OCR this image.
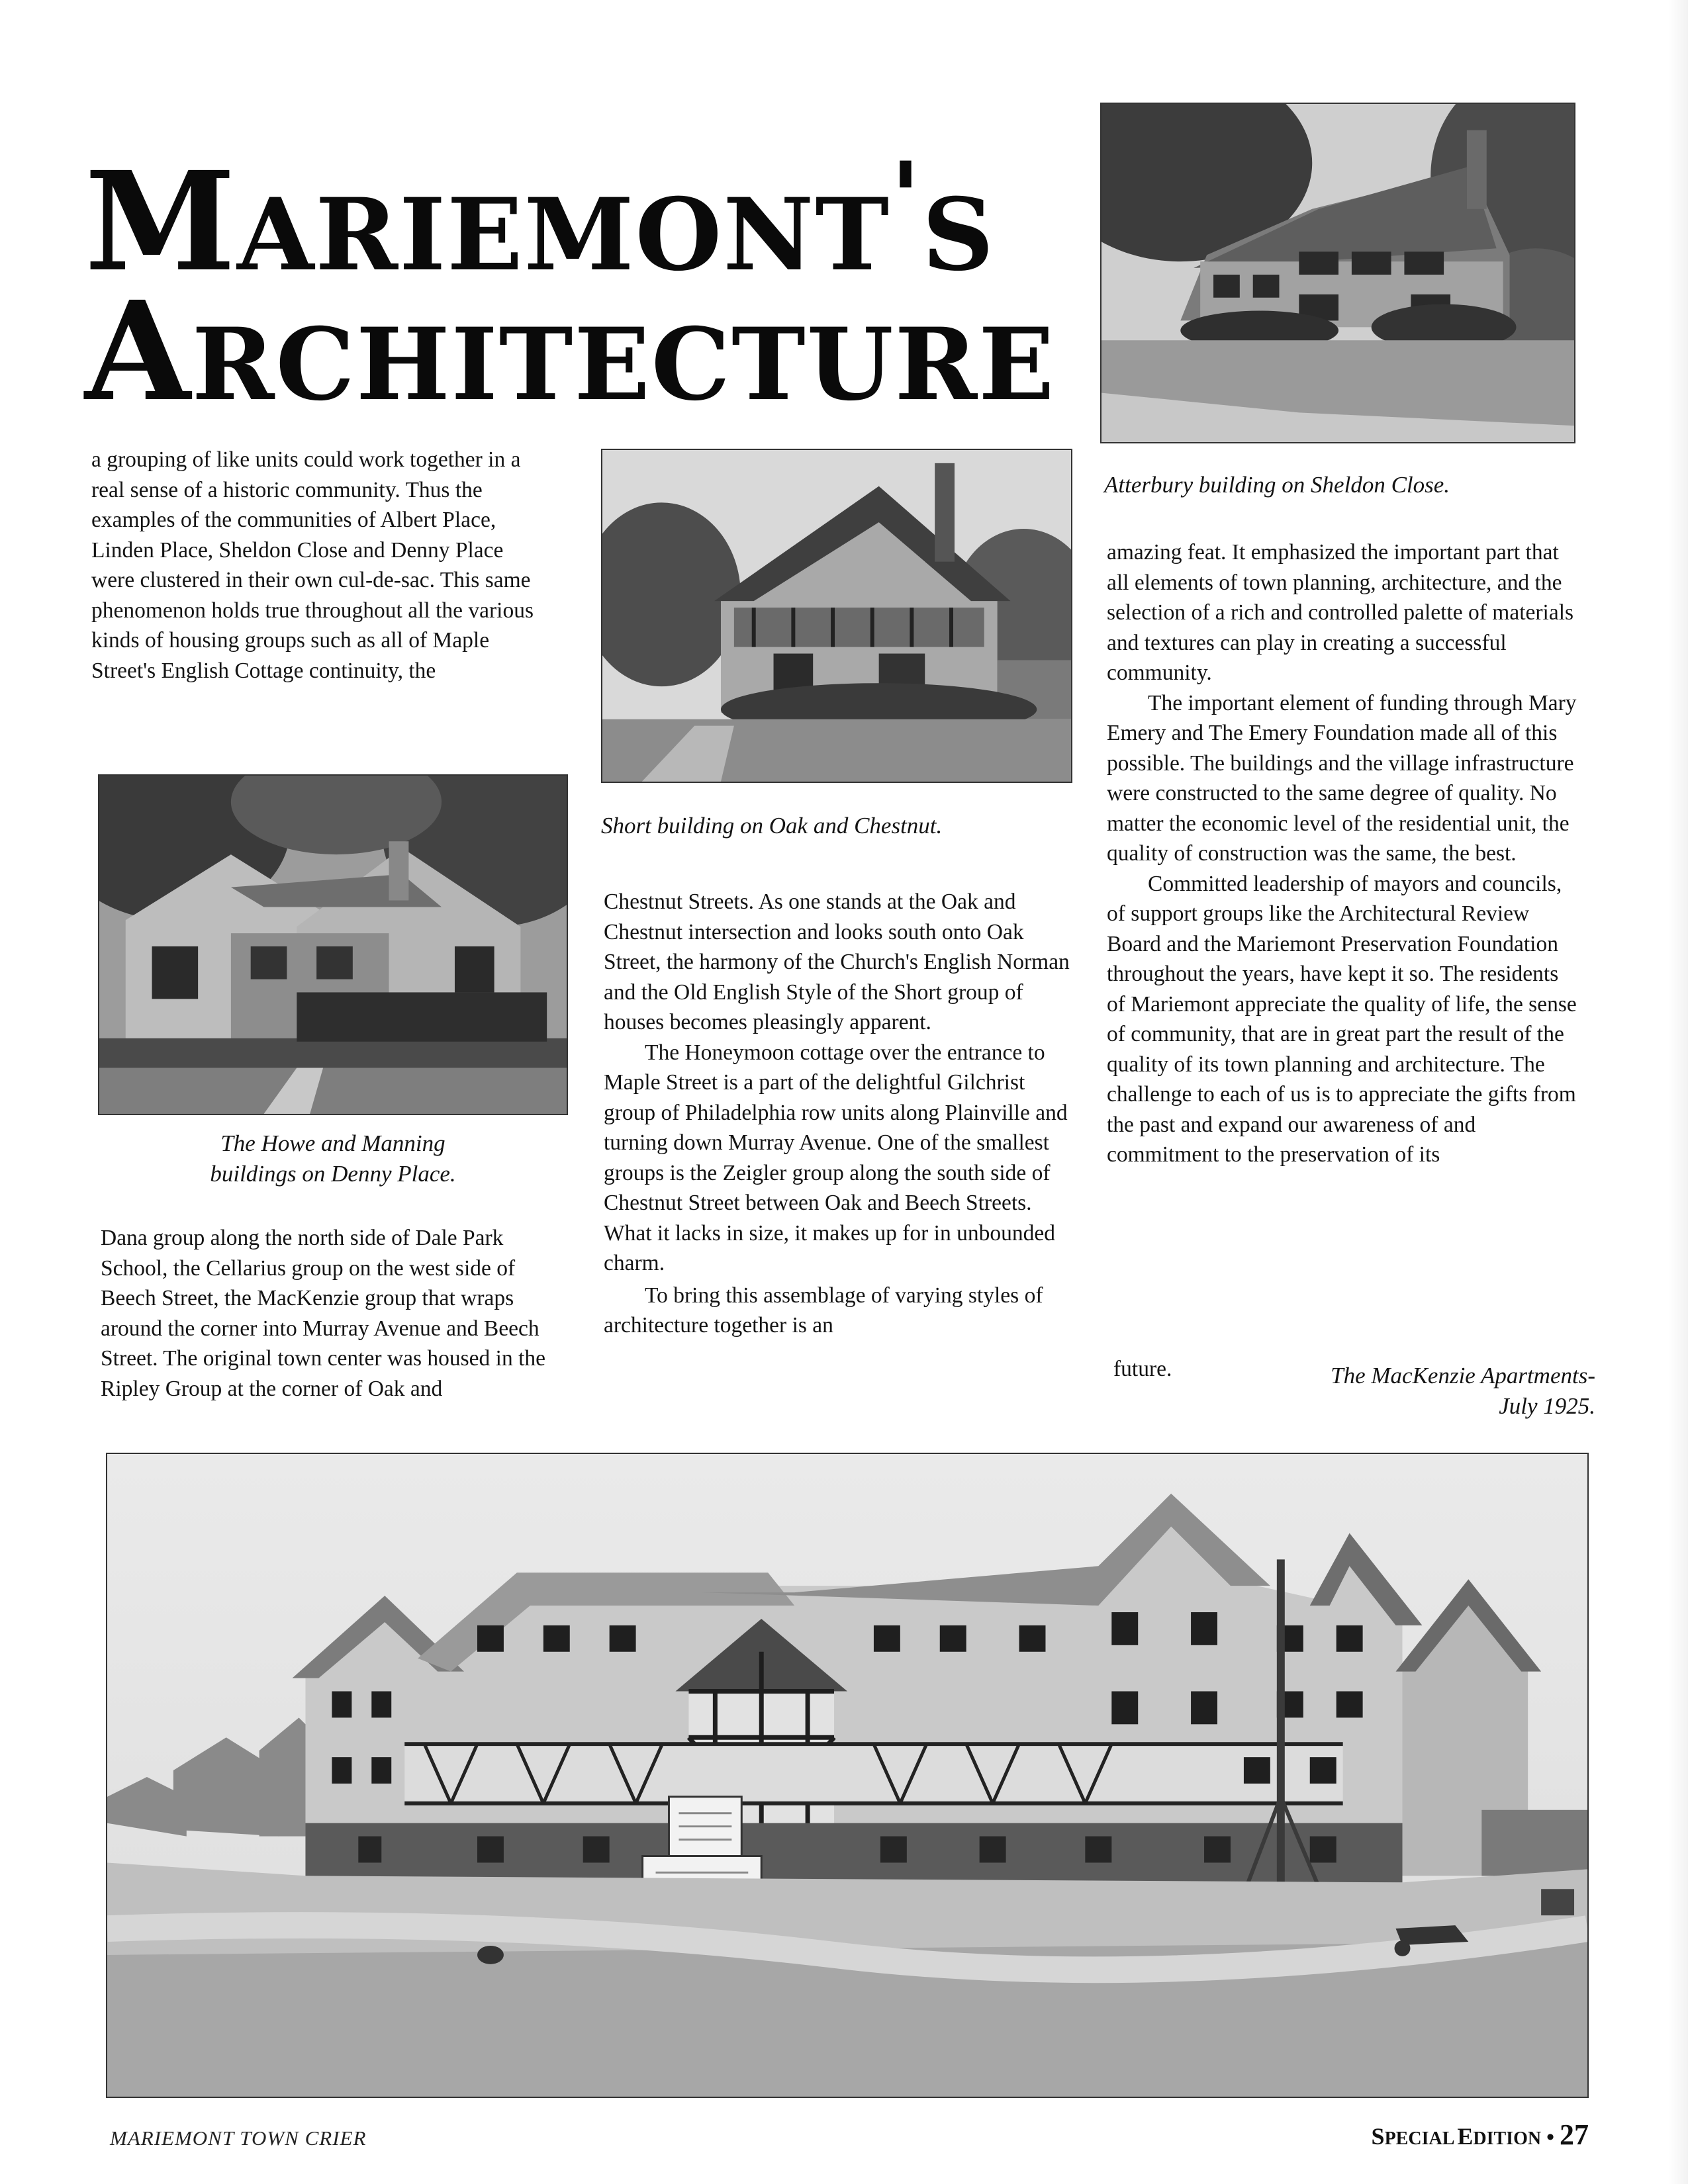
MARIEMONT'S
ARCHITECTURE

a grouping of like units could work together in a real sense of a historic community. Thus the examples of the communities of Albert Place, Linden Place, Sheldon Close and Denny Place were clustered in their own cul-de-sac. This same phenomenon holds true throughout all the various kinds of housing groups such as all of Maple Street's English Cottage continuity, the

The Howe and Manning
buildings on Denny Place.

Dana group along the north side of Dale Park School, the Cellarius group on the west side of Beech Street, the MacKenzie group that wraps around the corner into Murray Avenue and Beech Street. The original town center was housed in the Ripley Group at the corner of Oak and

Short building on Oak and Chestnut.

Chestnut Streets. As one stands at the Oak and Chestnut intersection and looks south onto Oak Street, the harmony of the Church's English Norman and the Old English Style of the Short group of houses becomes pleasingly apparent.

The Honeymoon cottage over the entrance to Maple Street is a part of the delightful Gilchrist group of Philadelphia row units along Plainville and turning down Murray Avenue. One of the smallest groups is the Zeigler group along the south side of Chestnut Street between Oak and Beech Streets. What it lacks in size, it makes up for in unbounded charm.

To bring this assemblage of varying styles of architecture together is an

Atterbury building on Sheldon Close.

amazing feat. It emphasized the important part that all elements of town planning, architecture, and the selection of a rich and controlled palette of materials and textures can play in creating a successful community.

The important element of funding through Mary Emery and The Emery Foundation made all of this possible. The buildings and the village infrastructure were constructed to the same degree of quality. No matter the economic level of the residential unit, the quality of construction was the same, the best.

Committed leadership of mayors and councils, of support groups like the Architectural Review Board and the Mariemont Preservation Foundation throughout the years, have kept it so. The residents of Mariemont appreciate the quality of life, the sense of community, that are in great part the result of the quality of its town planning and architecture. The challenge to each of us is to appreciate the gifts from the past and expand our awareness of and commitment to the preservation of its

future.	The MacKenzie Apartments-
July 1925.
MARIEMONT TOWN CRIER	SPECIAL EDITION • 27
